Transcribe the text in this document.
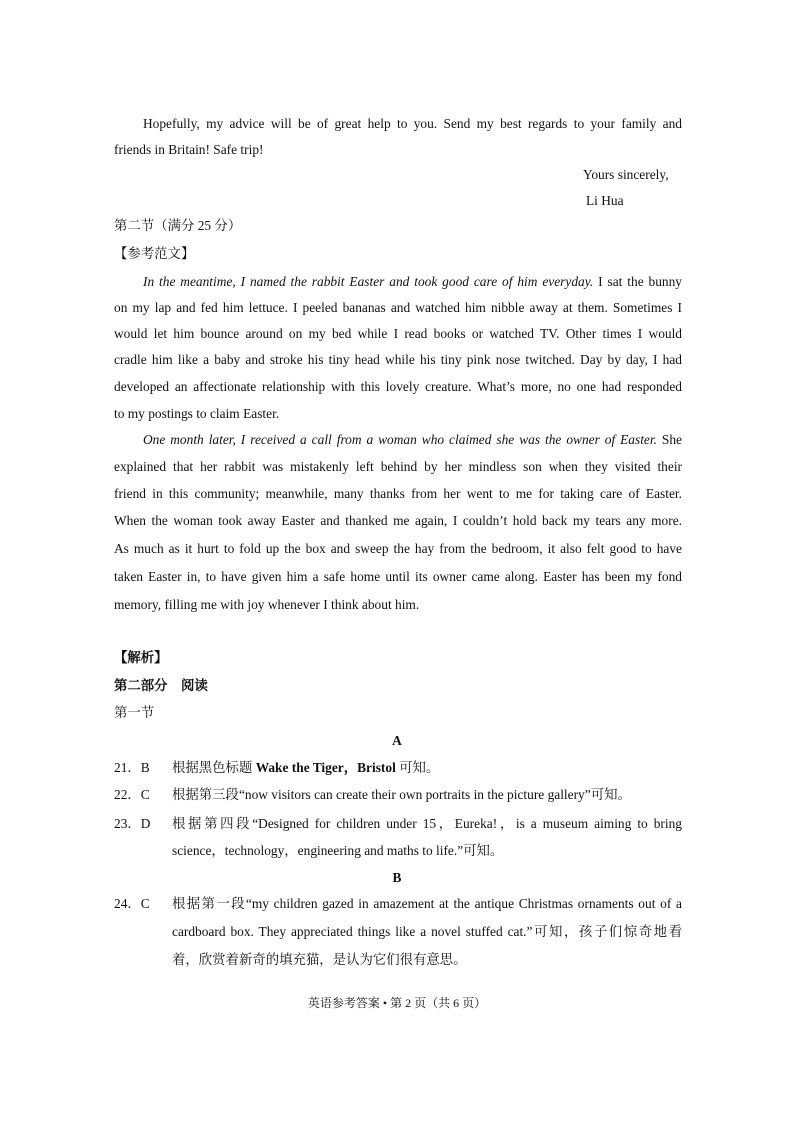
Hopefully, my advice will be of great help to you. Send my best regards to your family and
friends in Britain! Safe trip!
Yours sincerely,
Li Hua
第二节（满分 25 分）
【参考范文】
In the meantime, I named the rabbit Easter and took good care of him everyday. I sat the bunny
on my lap and fed him lettuce. I peeled bananas and watched him nibble away at them. Sometimes I
would let him bounce around on my bed while I read books or watched TV. Other times I would
cradle him like a baby and stroke his tiny head while his tiny pink nose twitched. Day by day, I had
developed an affectionate relationship with this lovely creature. What’s more, no one had responded
to my postings to claim Easter.
One month later, I received a call from a woman who claimed she was the owner of Easter. She
explained that her rabbit was mistakenly left behind by her mindless son when they visited their
friend in this community; meanwhile, many thanks from her went to me for taking care of Easter.
When the woman took away Easter and thanked me again, I couldn’t hold back my tears any more.
As much as it hurt to fold up the box and sweep the hay from the bedroom, it also felt good to have
taken Easter in, to have given him a safe home until its owner came along. Easter has been my fond
memory, filling me with joy whenever I think about him.
【解析】
第二部分　阅读
第一节
A
21．B 根据黑色标题 Wake the Tiger，Bristol 可知。
22．C 根据第三段“now visitors can create their own portraits in the picture gallery”可知。
23．D 根据第四段“Designed for children under 15，Eureka!，is a museum aiming to bring
science，technology，engineering and maths to life.”可知。
B
24．C 根据第一段“my children gazed in amazement at the antique Christmas ornaments out of a
cardboard box. They appreciated things like a novel stuffed cat.”可知，孩子们惊奇地看
着，欣赏着新奇的填充猫，是认为它们很有意思。
英语参考答案 • 第 2 页（共 6 页）
